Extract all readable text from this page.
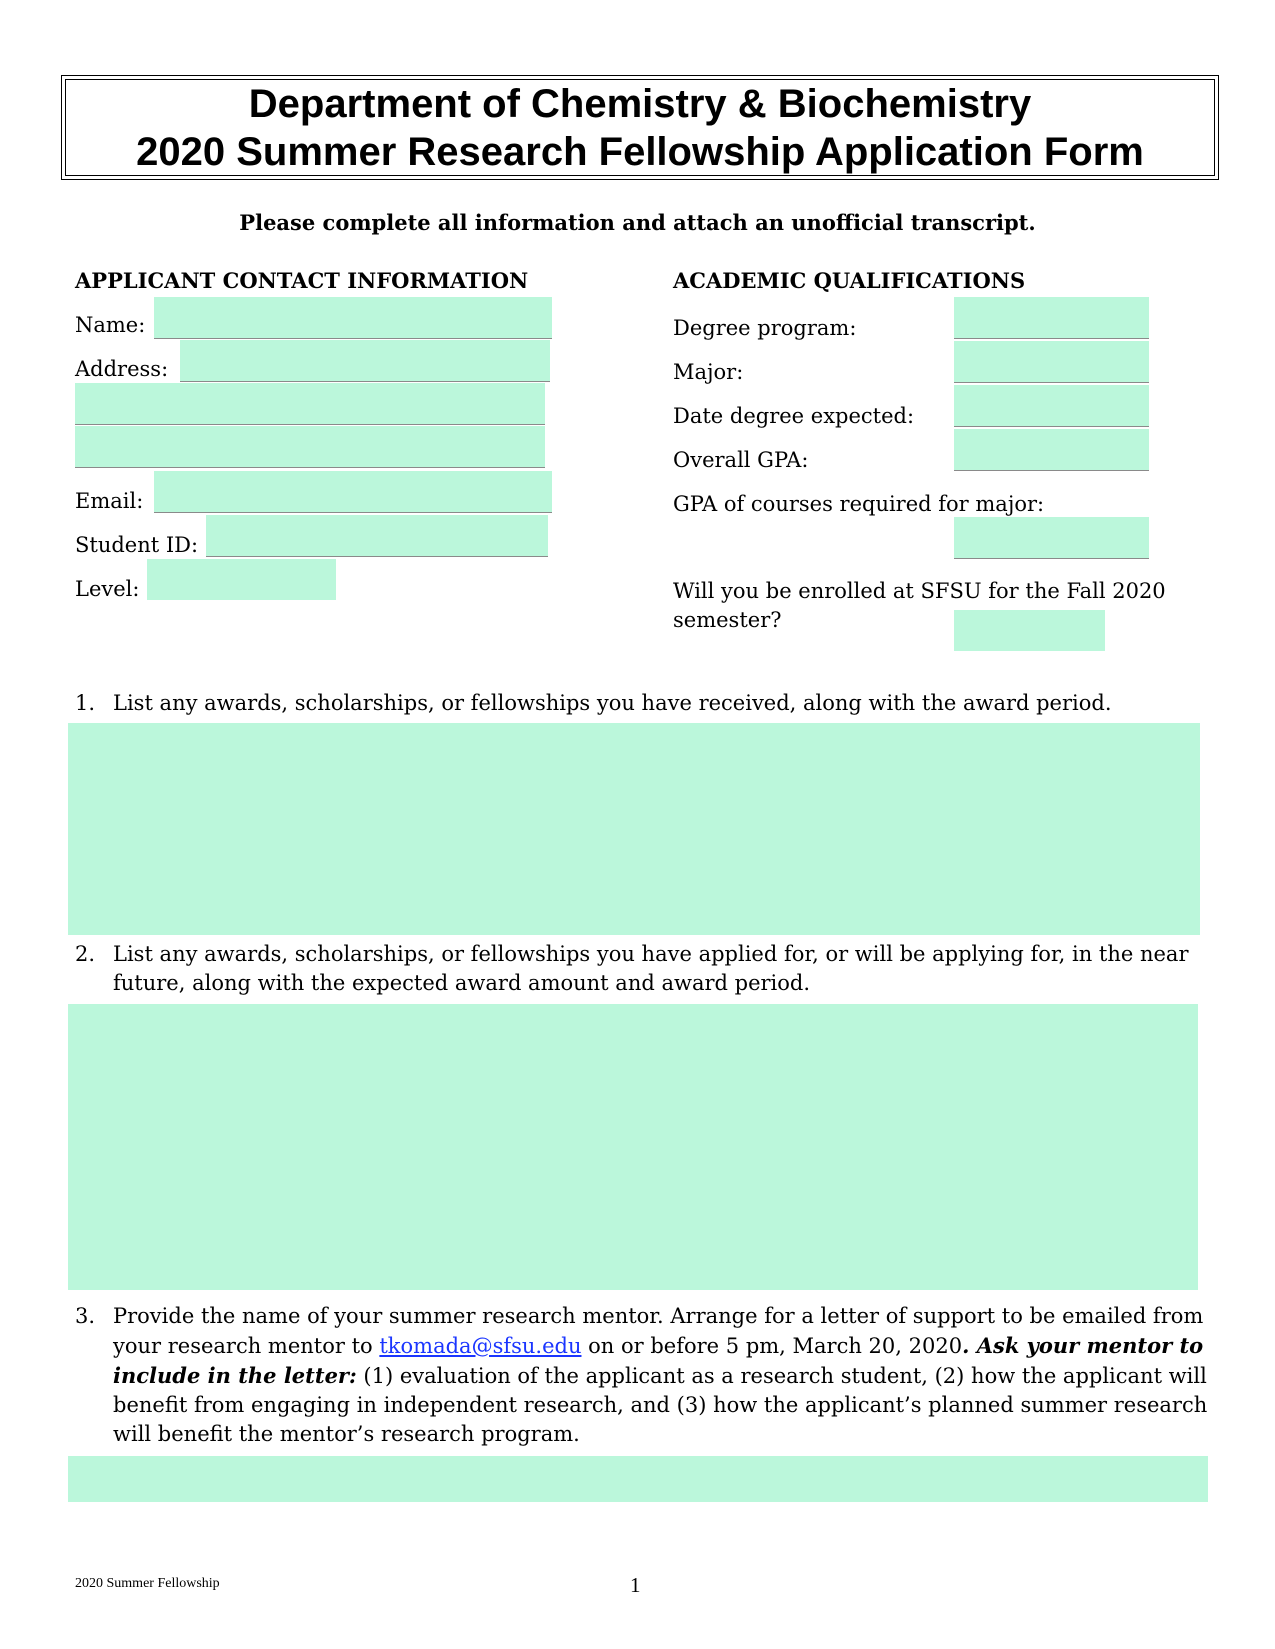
Department of Chemistry & Biochemistry
2020 Summer Research Fellowship Application Form
Please complete all information and attach an unofficial transcript.
APPLICANT CONTACT INFORMATION
Name:
Address:
Email:
Student ID:
Level:
ACADEMIC QUALIFICATIONS
Degree program:
Major:
Date degree expected:
Overall GPA:
GPA of courses required for major:
Will you be enrolled at SFSU for the Fall 2020
semester?
1. List any awards, scholarships, or fellowships you have received, along with the award period.
2. List any awards, scholarships, or fellowships you have applied for, or will be applying for, in the near future, along with the expected award amount and award period.
3. Provide the name of your summer research mentor. Arrange for a letter of support to be emailed from your research mentor to tkomada@sfsu.edu on or before 5 pm, March 20, 2020. Ask your mentor to include in the letter: (1) evaluation of the applicant as a research student, (2) how the applicant will benefit from engaging in independent research, and (3) how the applicant’s planned summer research will benefit the mentor’s research program.
2020 Summer Fellowship	1
